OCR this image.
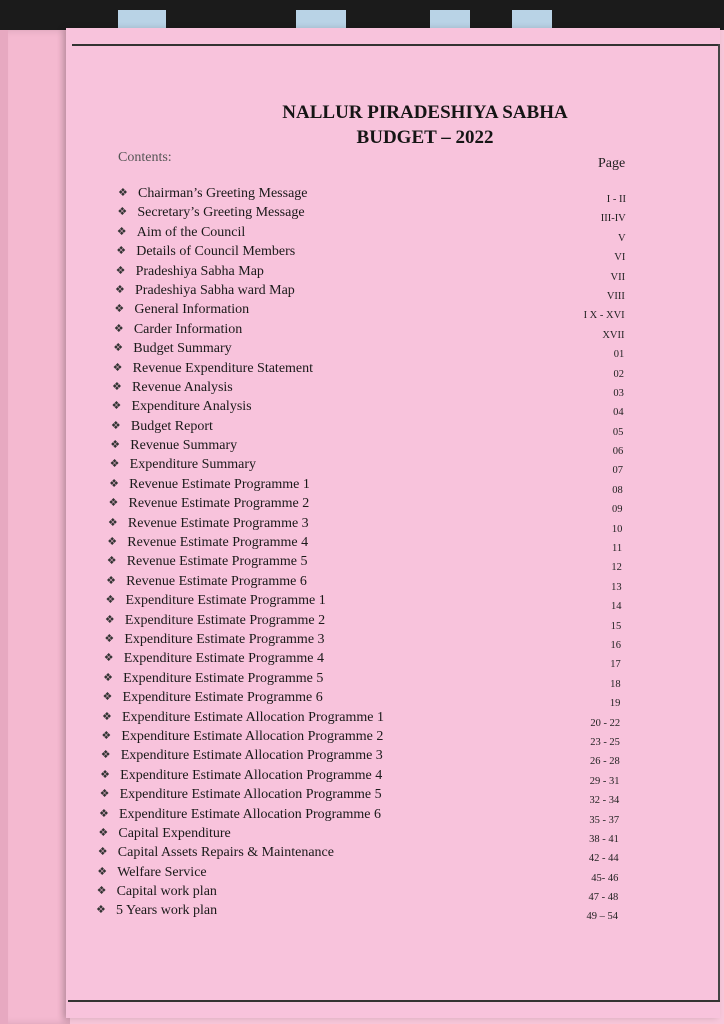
NALLUR PIRADESHIYA SABHA
BUDGET – 2022
Contents:	Page
❖ Chairman’s Greeting Message	I - II
❖ Secretary’s Greeting Message	III-IV
❖ Aim of the Council	V
❖ Details of Council Members	VI
❖ Pradeshiya Sabha Map	VII
❖ Pradeshiya Sabha ward Map	VIII
❖ General Information	I X - XVI
❖ Carder Information	XVII
❖ Budget Summary	01
❖ Revenue Expenditure Statement	02
❖ Revenue Analysis	03
❖ Expenditure Analysis	04
❖ Budget Report	05
❖ Revenue Summary	06
❖ Expenditure Summary	07
❖ Revenue Estimate Programme 1	08
❖ Revenue Estimate Programme 2	09
❖ Revenue Estimate Programme 3	10
❖ Revenue Estimate Programme 4	11
❖ Revenue Estimate Programme 5	12
❖ Revenue Estimate Programme 6	13
❖ Expenditure Estimate Programme 1	14
❖ Expenditure Estimate Programme 2	15
❖ Expenditure Estimate Programme 3	16
❖ Expenditure Estimate Programme 4	17
❖ Expenditure Estimate Programme 5	18
❖ Expenditure Estimate Programme 6	19
❖ Expenditure Estimate Allocation Programme 1	20 - 22
❖ Expenditure Estimate Allocation Programme 2	23 - 25
❖ Expenditure Estimate Allocation Programme 3	26 - 28
❖ Expenditure Estimate Allocation Programme 4	29 - 31
❖ Expenditure Estimate Allocation Programme 5	32 - 34
❖ Expenditure Estimate Allocation Programme 6	35 - 37
❖ Capital Expenditure	38 - 41
❖ Capital Assets Repairs & Maintenance	42 - 44
❖ Welfare Service	45- 46
❖ Capital work plan	47 - 48
❖ 5 Years work plan	49 – 54
